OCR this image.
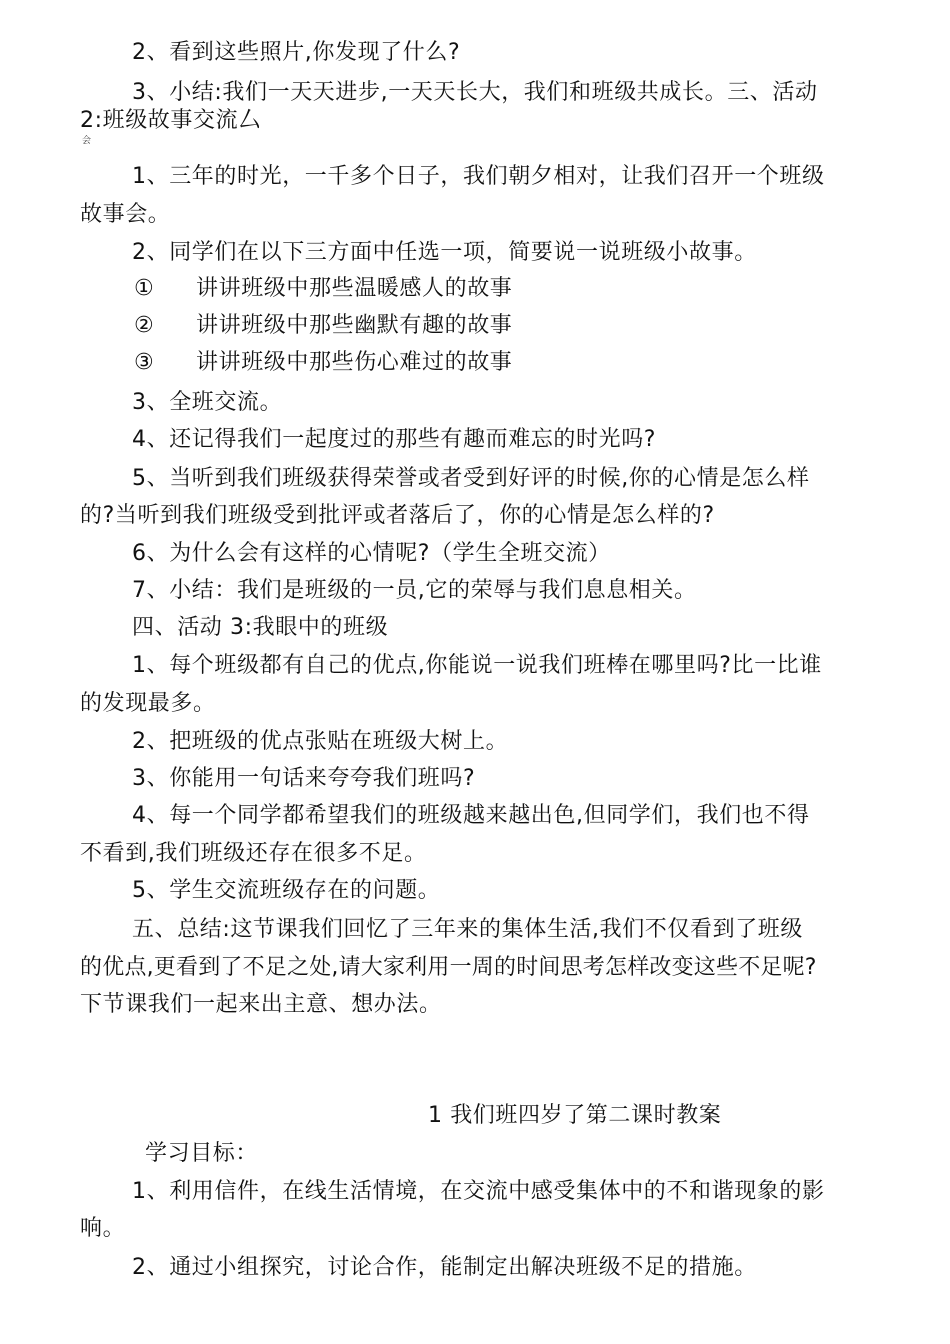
2、看到这些照片,你发现了什么?
3、小结:我们一天天进步,一天天长大，我们和班级共成长。三、活动
2:班级故事交流厶
会
1、三年的时光，一千多个日子，我们朝夕相对，让我们召开一个班级
故事会。
2、同学们在以下三方面中任选一项，简要说一说班级小故事。
① 讲讲班级中那些温暖感人的故事
② 讲讲班级中那些幽默有趣的故事
③ 讲讲班级中那些伤心难过的故事
3、全班交流。
4、还记得我们一起度过的那些有趣而难忘的时光吗?
5、当听到我们班级获得荣誉或者受到好评的时候,你的心情是怎么样
的?当听到我们班级受到批评或者落后了，你的心情是怎么样的?
6、为什么会有这样的心情呢?（学生全班交流）
7、小结：我们是班级的一员,它的荣辱与我们息息相关。
四、活动 3:我眼中的班级
1、每个班级都有自己的优点,你能说一说我们班棒在哪里吗?比一比谁
的发现最多。
2、把班级的优点张贴在班级大树上。
3、你能用一句话来夸夸我们班吗?
4、每一个同学都希望我们的班级越来越出色,但同学们，我们也不得
不看到,我们班级还存在很多不足。
5、学生交流班级存在的问题。
五、总结:这节课我们回忆了三年来的集体生活,我们不仅看到了班级
的优点,更看到了不足之处,请大家利用一周的时间思考怎样改变这些不足呢?
下节课我们一起来出主意、想办法。
1 我们班四岁了第二课时教案
学习目标：
1、利用信件，在线生活情境，在交流中感受集体中的不和谐现象的影
响。
2、通过小组探究，讨论合作，能制定出解决班级不足的措施。
